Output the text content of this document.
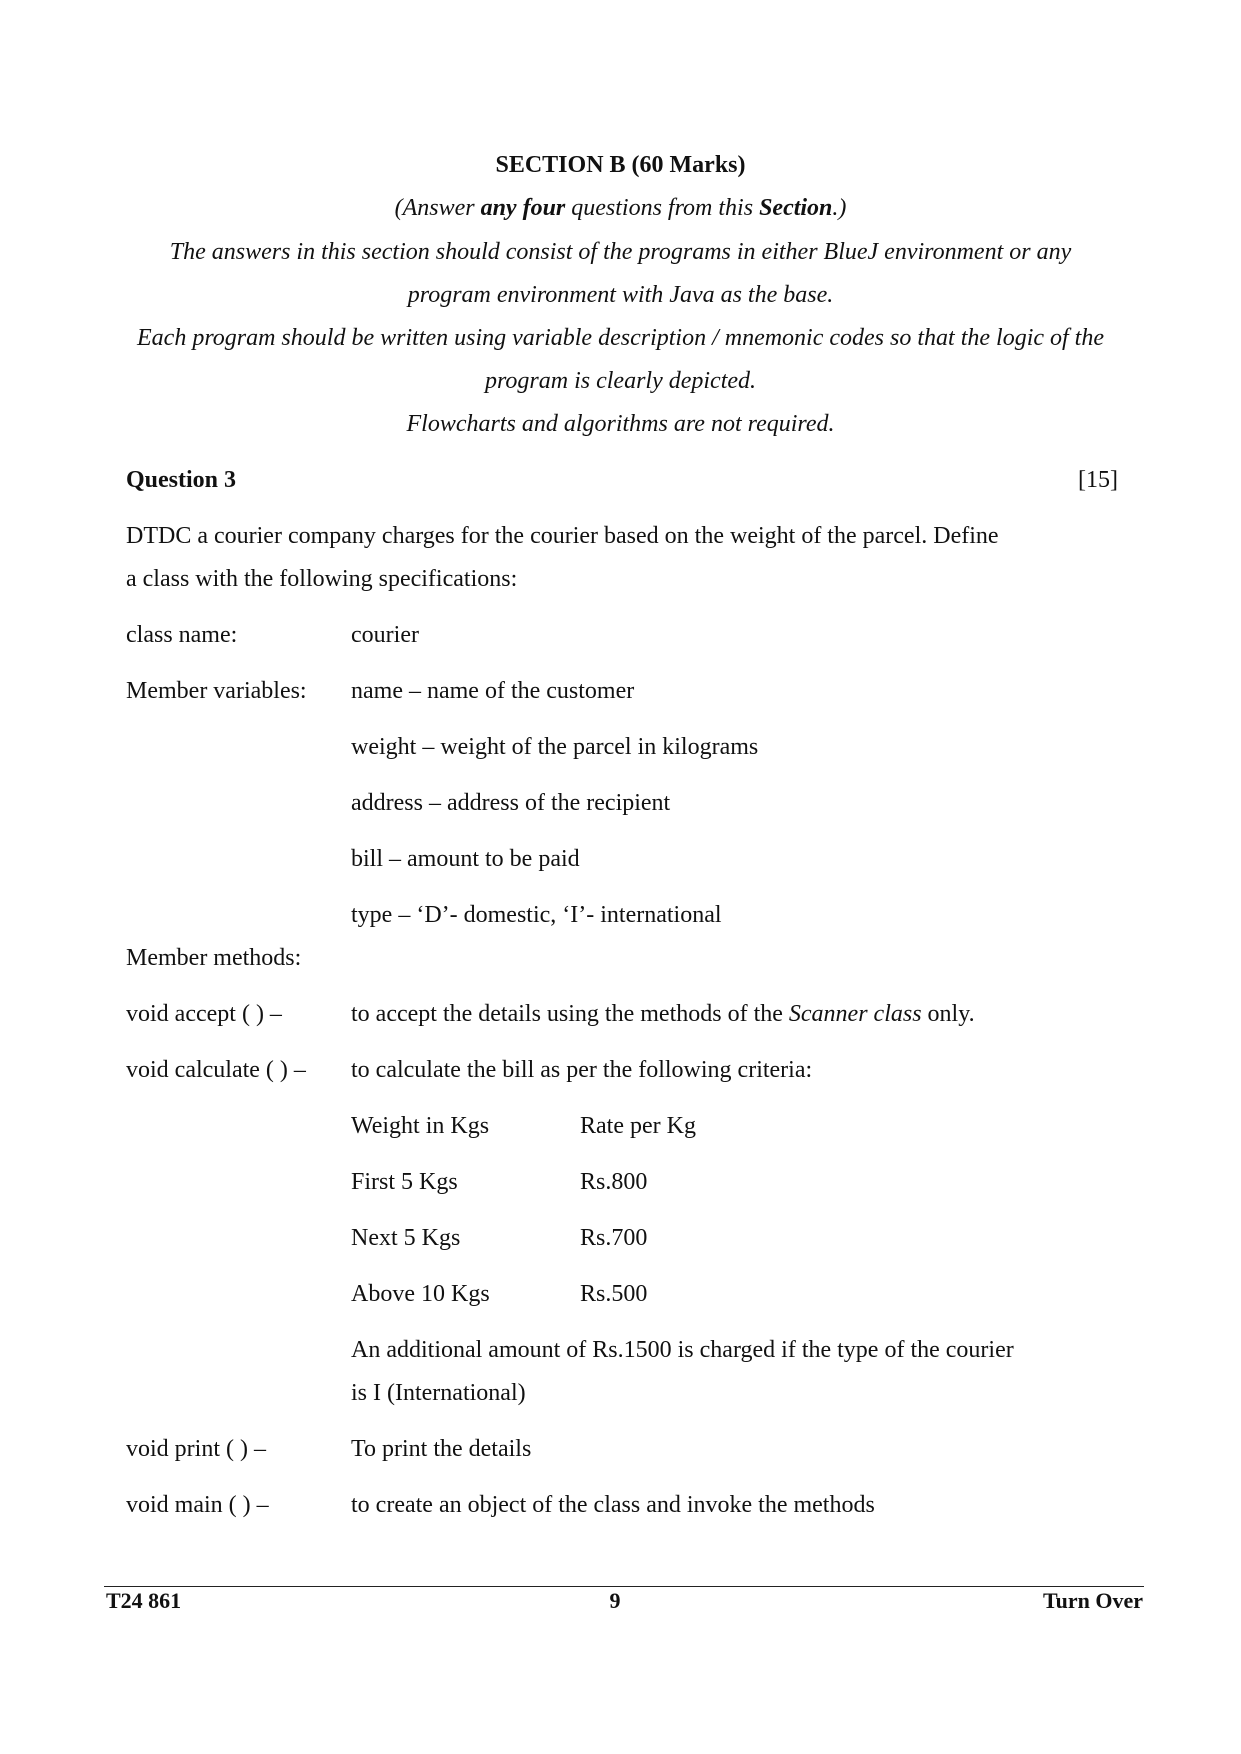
SECTION B (60 Marks)
(Answer any four questions from this Section.)
The answers in this section should consist of the programs in either BlueJ environment or any
program environment with Java as the base.
Each program should be written using variable description / mnemonic codes so that the logic of the
program is clearly depicted.
Flowcharts and algorithms are not required.
Question 3	[15]
DTDC a courier company charges for the courier based on the weight of the parcel. Define
a class with the following specifications:
class name:	courier
Member variables: name – name of the customer
weight – weight of the parcel in kilograms
address – address of the recipient
bill – amount to be paid
type – ‘D’- domestic, ‘I’- international
Member methods:
void accept ( ) –	to accept the details using the methods of the Scanner class only.
void calculate ( ) – to calculate the bill as per the following criteria:
Weight in Kgs	Rate per Kg
First 5 Kgs	Rs.800
Next 5 Kgs	Rs.700
Above 10 Kgs	Rs.500
An additional amount of Rs.1500 is charged if the type of the courier
is I (International)
void print ( ) –	To print the details
void main ( ) –	to create an object of the class and invoke the methods
T24 861	9	Turn Over
